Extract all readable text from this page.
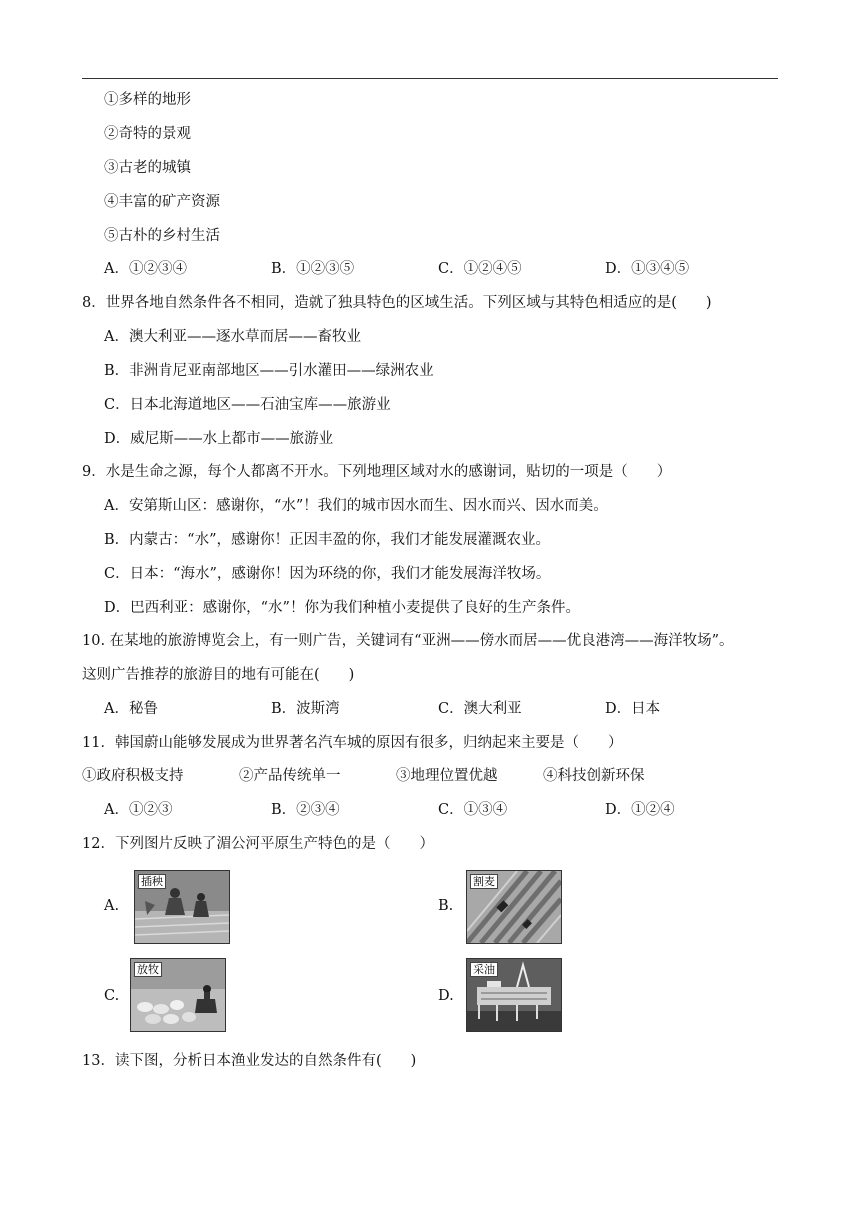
①多样的地形
②奇特的景观
③古老的城镇
④丰富的矿产资源
⑤古朴的乡村生活
A．①②③④	B．①②③⑤	C．①②④⑤	D．①③④⑤
8．世界各地自然条件各不相同，造就了独具特色的区域生活。下列区域与其特色相适应的是(　　)
A．澳大利亚——逐水草而居——畜牧业
B．非洲肯尼亚南部地区——引水灌田——绿洲农业
C．日本北海道地区——石油宝库——旅游业
D．威尼斯——水上都市——旅游业
9．水是生命之源，每个人都离不开水。下列地理区域对水的感谢词，贴切的一项是（　　）
A．安第斯山区：感谢你，“水”！我们的城市因水而生、因水而兴、因水而美。
B．内蒙古：“水”，感谢你！正因丰盈的你，我们才能发展灌溉农业。
C．日本：“海水”，感谢你！因为环绕的你，我们才能发展海洋牧场。
D．巴西利亚：感谢你，“水”！你为我们种植小麦提供了良好的生产条件。
10. 在某地的旅游博览会上，有一则广告，关键词有“亚洲——傍水而居——优良港湾——海洋牧场”。
这则广告推荐的旅游目的地有可能在(　　)
A．秘鲁	B．波斯湾	C．澳大利亚	D．日本
11．韩国蔚山能够发展成为世界著名汽车城的原因有很多，归纳起来主要是（　　）
①政府积极支持	②产品传统单一	③地理位置优越	④科技创新环保
A．①②③	B．②③④	C．①③④	D．①②④
12．下列图片反映了湄公河平原生产特色的是（　　）
A.
插秧
B.
割麦
C.
放牧
D.
采油
13．读下图，分析日本渔业发达的自然条件有(　　)
